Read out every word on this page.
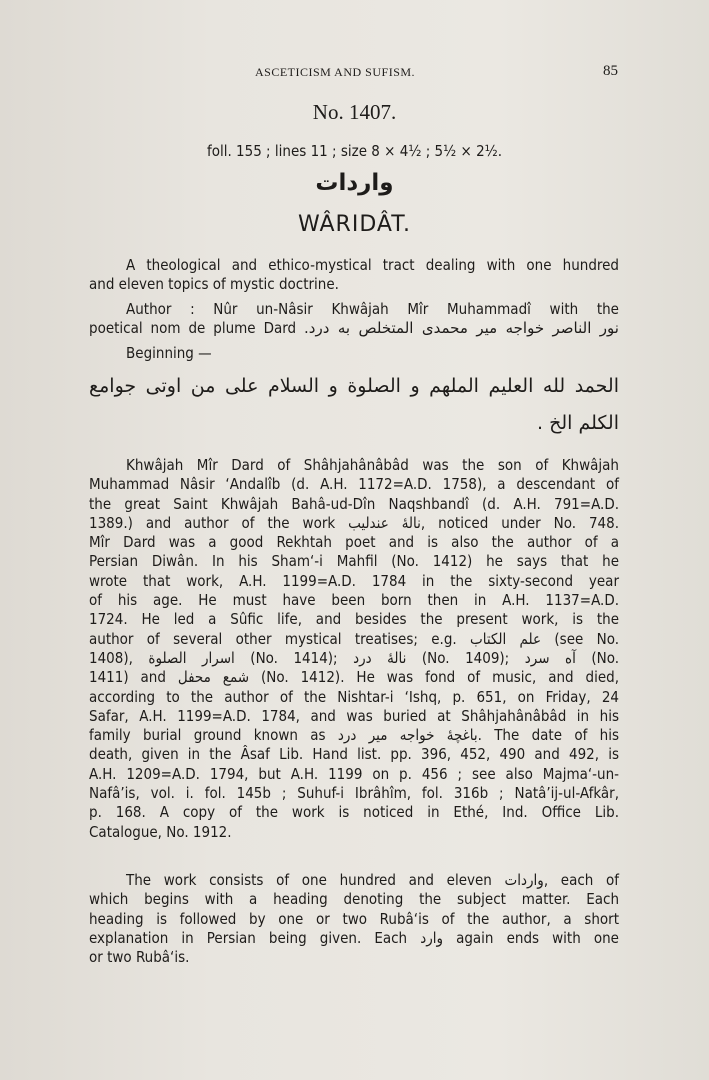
ASCETICISM AND SUFISM.	85
No. 1407.
foll. 155 ; lines 11 ; size 8 × 4½ ; 5½ × 2½.
واردات
WÂRIDÂT.
A theological and ethico-mystical tract dealing with one hundred
and eleven topics of mystic doctrine.
Author : Nûr un-Nâsir Khwâjah Mîr Muhammadî with the
poetical nom de plume Dard نور الناصر خواجه میر محمدی المتخلص به درد.
Beginning —
الحمد لله العليم الملهم و الصلوة و السلام على من اوتى جوامع
الكلم الخ .
Khwâjah Mîr Dard of Shâhjahânâbâd was the son of Khwâjah
Muhammad Nâsir ‘Andalîb (d. A.H. 1172=A.D. 1758), a descendant of
the great Saint Khwâjah Bahâ-ud-Dîn Naqshbandî (d. A.H. 791=A.D.
1389.) and author of the work نالهٔ عندليب, noticed under No. 748.
Mîr Dard was a good Rekhtah poet and is also the author of a
Persian Diwân. In his Sham‘-i Mahfil (No. 1412) he says that he
wrote that work, A.H. 1199=A.D. 1784 in the sixty-second year
of his age. He must have been born then in A.H. 1137=A.D.
1724. He led a Sûfic life, and besides the present work, is the
author of several other mystical treatises; e.g. علم الكتاب (see No.
1408), اسرار الصلوة (No. 1414); نالهٔ درد (No. 1409); آه سرد (No.
1411) and شمع محفل (No. 1412). He was fond of music, and died,
according to the author of the Nishtar-i ‘Ishq, p. 651, on Friday, 24
Safar, A.H. 1199=A.D. 1784, and was buried at Shâhjahânâbâd in his
family burial ground known as باغچهٔ خواجه میر درد. The date of his
death, given in the Âsaf Lib. Hand list. pp. 396, 452, 490 and 492, is
A.H. 1209=A.D. 1794, but A.H. 1199 on p. 456 ; see also Majma‘-un-
Nafâ’is, vol. i. fol. 145b ; Suhuf-i Ibrâhîm, fol. 316b ; Natâ’ij-ul-Afkâr,
p. 168. A copy of the work is noticed in Ethé, Ind. Office Lib.
Catalogue, No. 1912.
The work consists of one hundred and eleven واردات, each of
which begins with a heading denoting the subject matter. Each
heading is followed by one or two Rubâ‘is of the author, a short
explanation in Persian being given. Each وارد again ends with one
or two Rubâ‘is.
